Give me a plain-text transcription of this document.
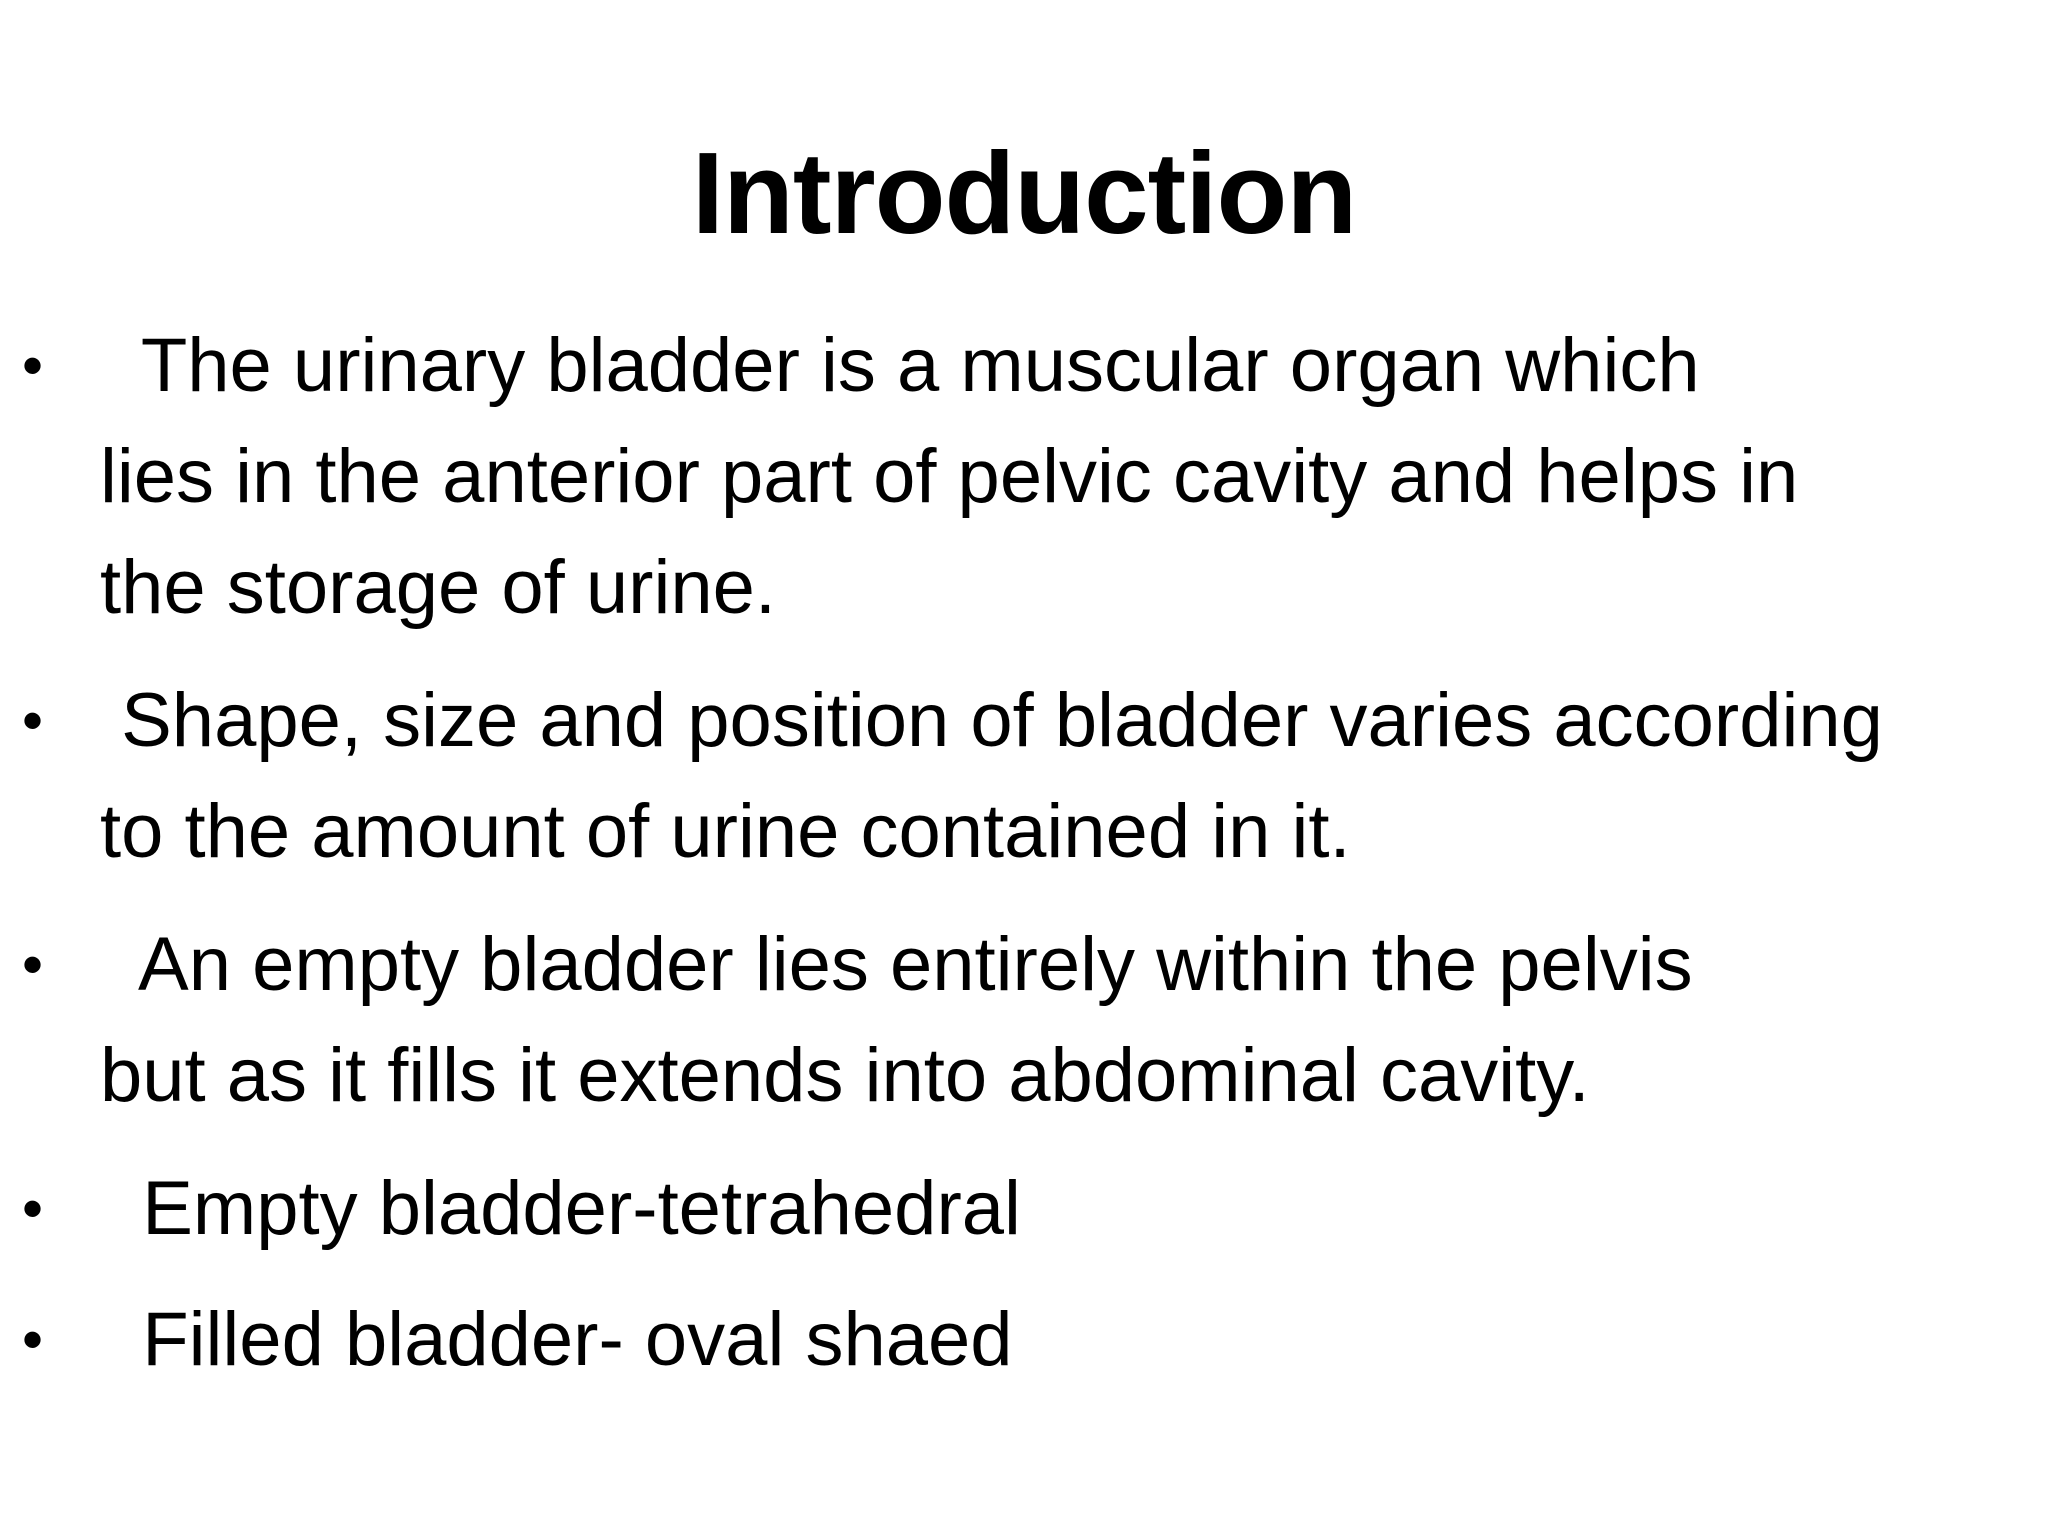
Introduction
• The urinary bladder is a muscular organ which
lies in the anterior part of pelvic cavity and helps in
the storage of urine.
• Shape, size and position of bladder varies according
to the amount of urine contained in it.
• An empty bladder lies entirely within the pelvis
but as it fills it extends into abdominal cavity.
• Empty bladder-tetrahedral
• Filled bladder- oval shaed
